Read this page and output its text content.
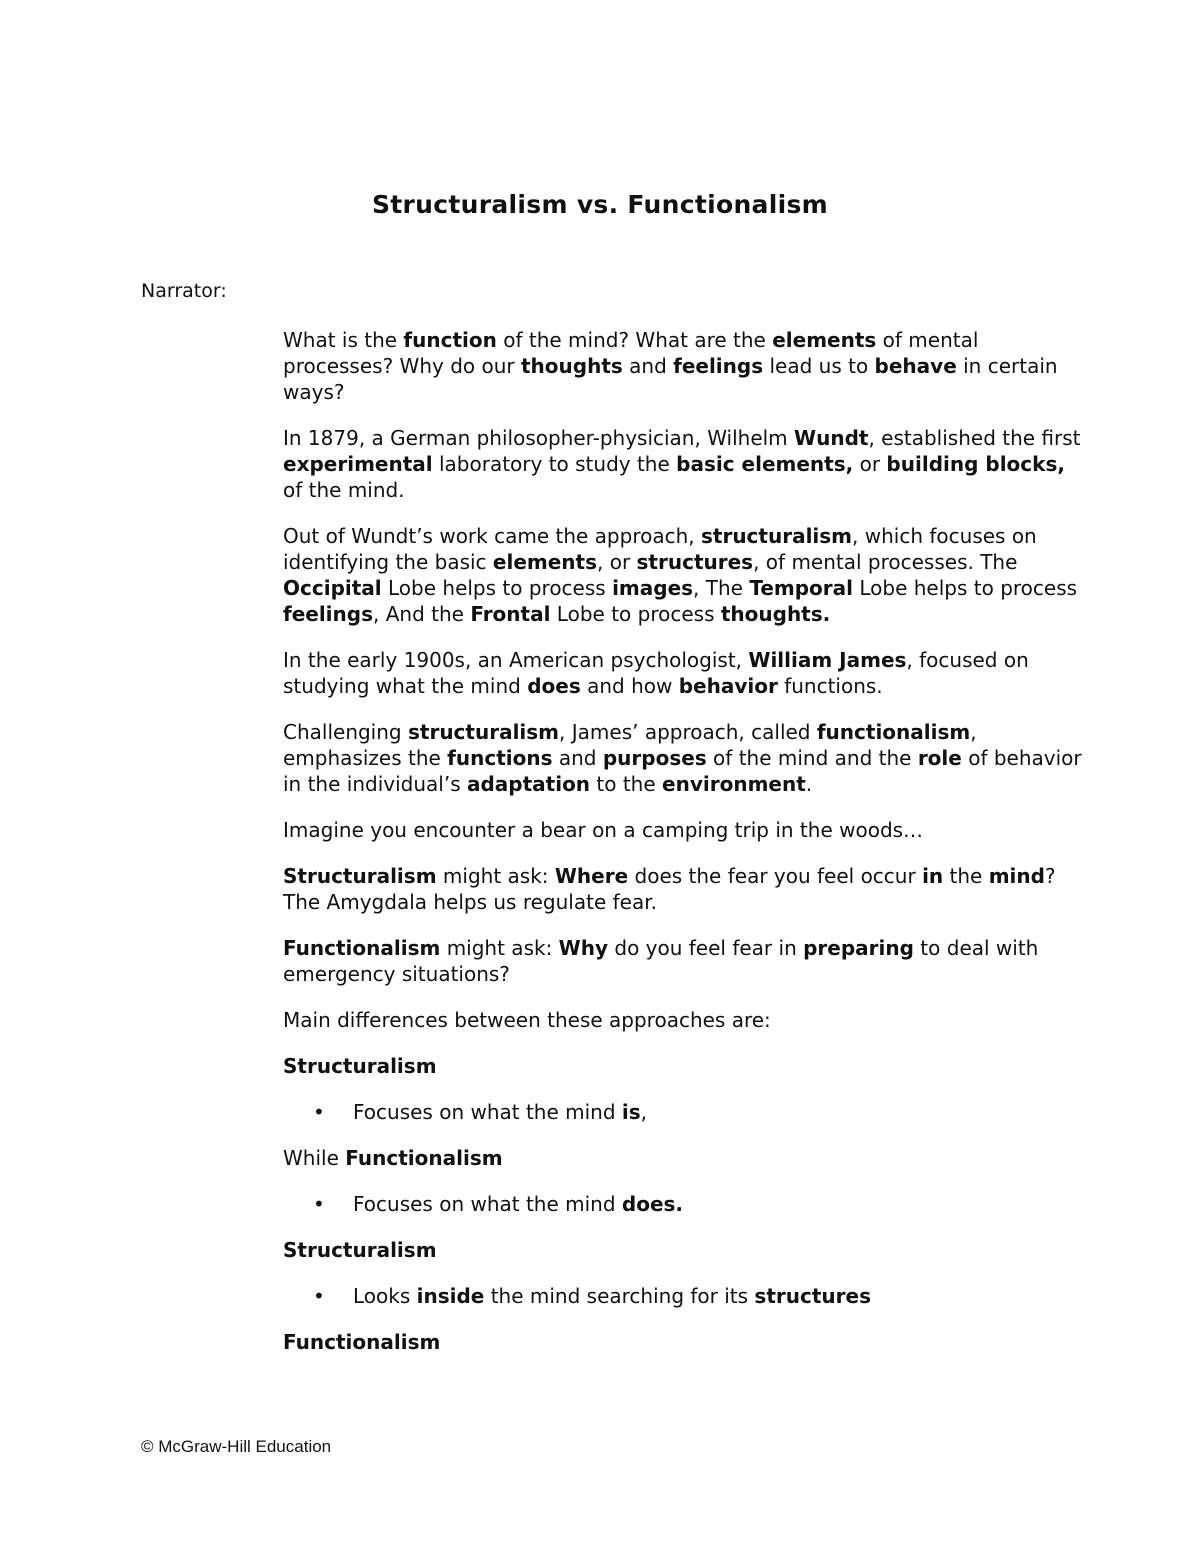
Structuralism vs. Functionalism
Narrator:

What is the function of the mind? What are the elements of mental processes? Why do our thoughts and feelings lead us to behave in certain ways?

In 1879, a German philosopher-physician, Wilhelm Wundt, established the first experimental laboratory to study the basic elements, or building blocks, of the mind.

Out of Wundt’s work came the approach, structuralism, which focuses on identifying the basic elements, or structures, of mental processes. The Occipital Lobe helps to process images, The Temporal Lobe helps to process feelings, And the Frontal Lobe to process thoughts.

In the early 1900s, an American psychologist, William James, focused on studying what the mind does and how behavior functions.

Challenging structuralism, James’ approach, called functionalism, emphasizes the functions and purposes of the mind and the role of behavior in the individual’s adaptation to the environment.

Imagine you encounter a bear on a camping trip in the woods…

Structuralism might ask: Where does the fear you feel occur in the mind? The Amygdala helps us regulate fear.

Functionalism might ask: Why do you feel fear in preparing to deal with emergency situations?

Main differences between these approaches are:

Structuralism
•	Focuses on what the mind is,
While Functionalism
•	Focuses on what the mind does.
Structuralism
•	Looks inside the mind searching for its structures
Functionalism
© McGraw-Hill Education
